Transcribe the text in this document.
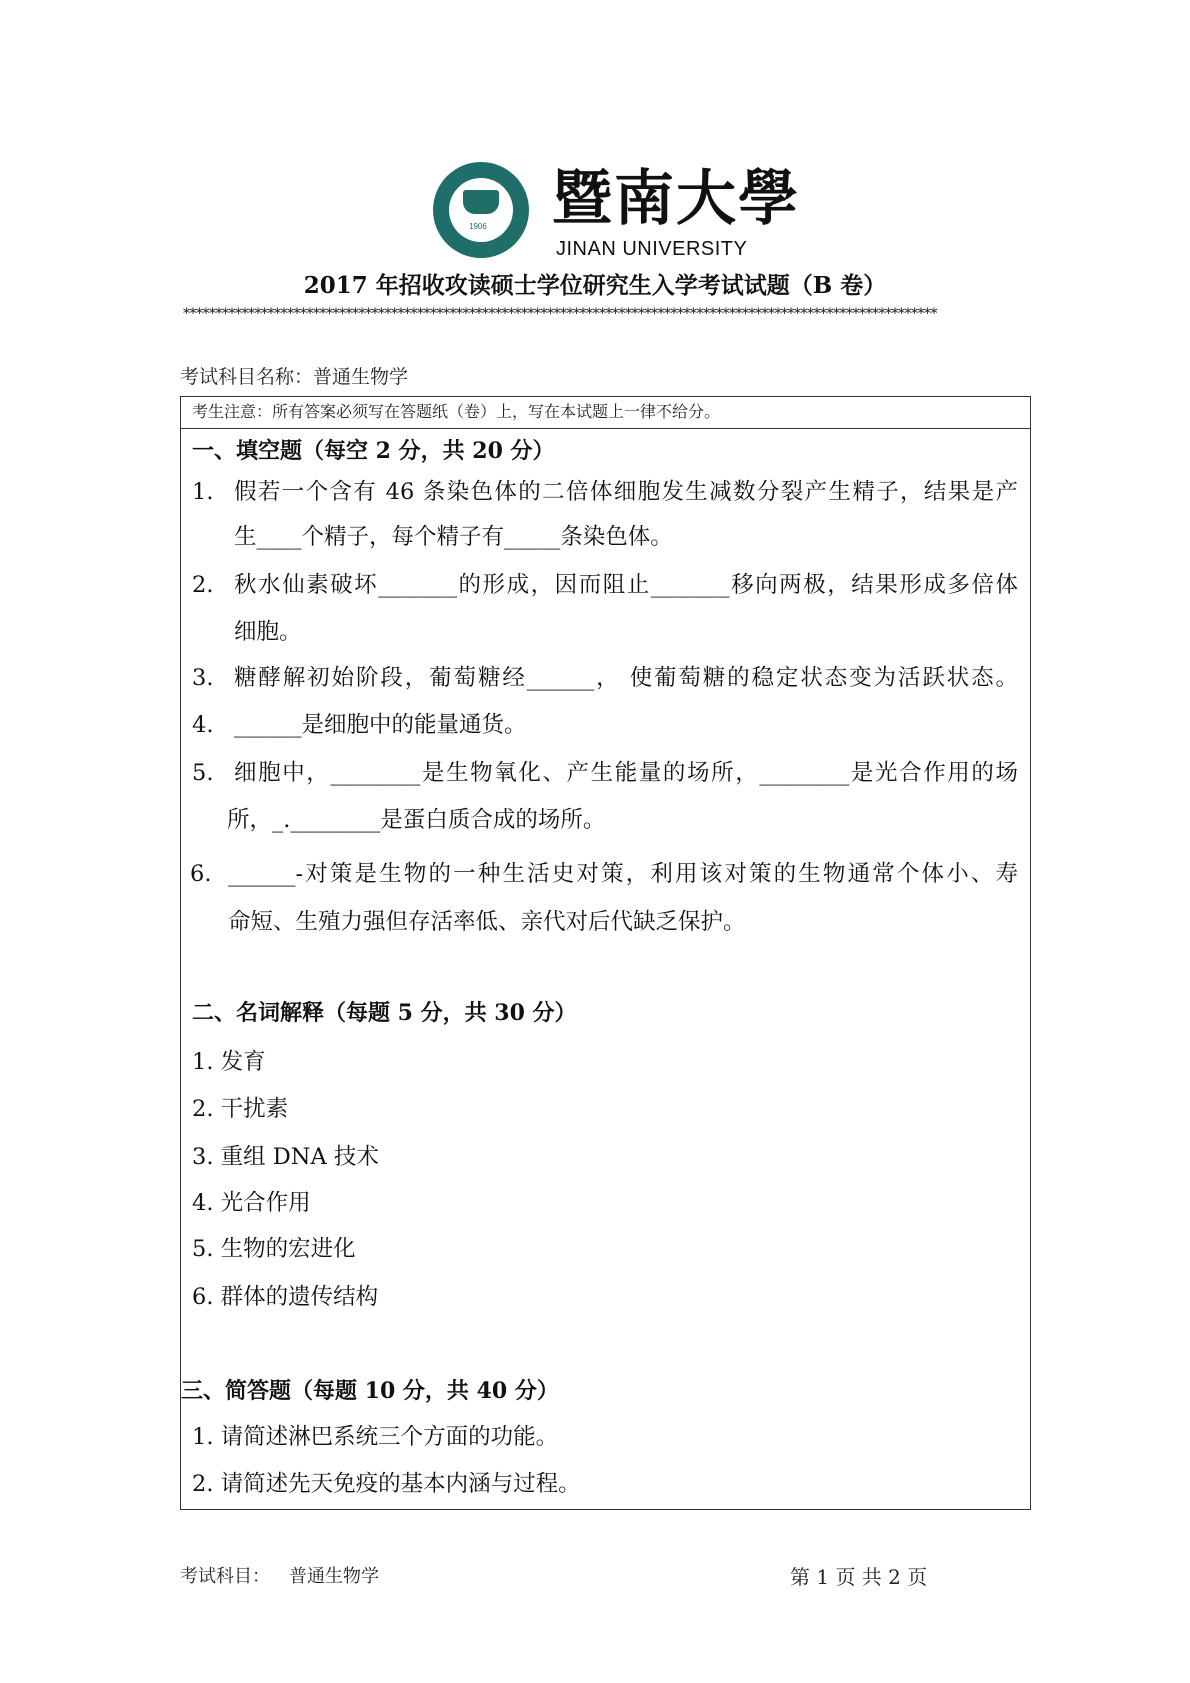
1906 暨南大學
JINAN UNIVERSITY
2017 年招收攻读硕士学位研究生入学考试试题（B 卷）
********************************************************************************************************************
考试科目名称：普通生物学
考生注意：所有答案必须写在答题纸（卷）上，写在本试题上一律不给分。
一、填空题（每空 2 分，共 20 分）
1. 假若一个含有 46 条染色体的二倍体细胞发生减数分裂产生精子，结果是产
生____个精子，每个精子有_____条染色体。
2. 秋水仙素破坏_______的形成，因而阻止_______移向两极，结果形成多倍体
细胞。
3. 糖酵解初始阶段，葡萄糖经______， 使葡萄糖的稳定状态变为活跃状态。
4. ______是细胞中的能量通货。
5. 细胞中，________是生物氧化、产生能量的场所，________是光合作用的场
所，_.________是蛋白质合成的场所。
6. ______-对策是生物的一种生活史对策，利用该对策的生物通常个体小、寿
命短、生殖力强但存活率低、亲代对后代缺乏保护。
二、名词解释（每题 5 分，共 30 分）
1. 发育
2. 干扰素
3. 重组 DNA 技术
4. 光合作用
5. 生物的宏进化
6. 群体的遗传结构
三、简答题（每题 10 分，共 40 分）
1. 请简述淋巴系统三个方面的功能。
2. 请简述先天免疫的基本内涵与过程。
考试科目： 普通生物学	第 1 页 共 2 页
